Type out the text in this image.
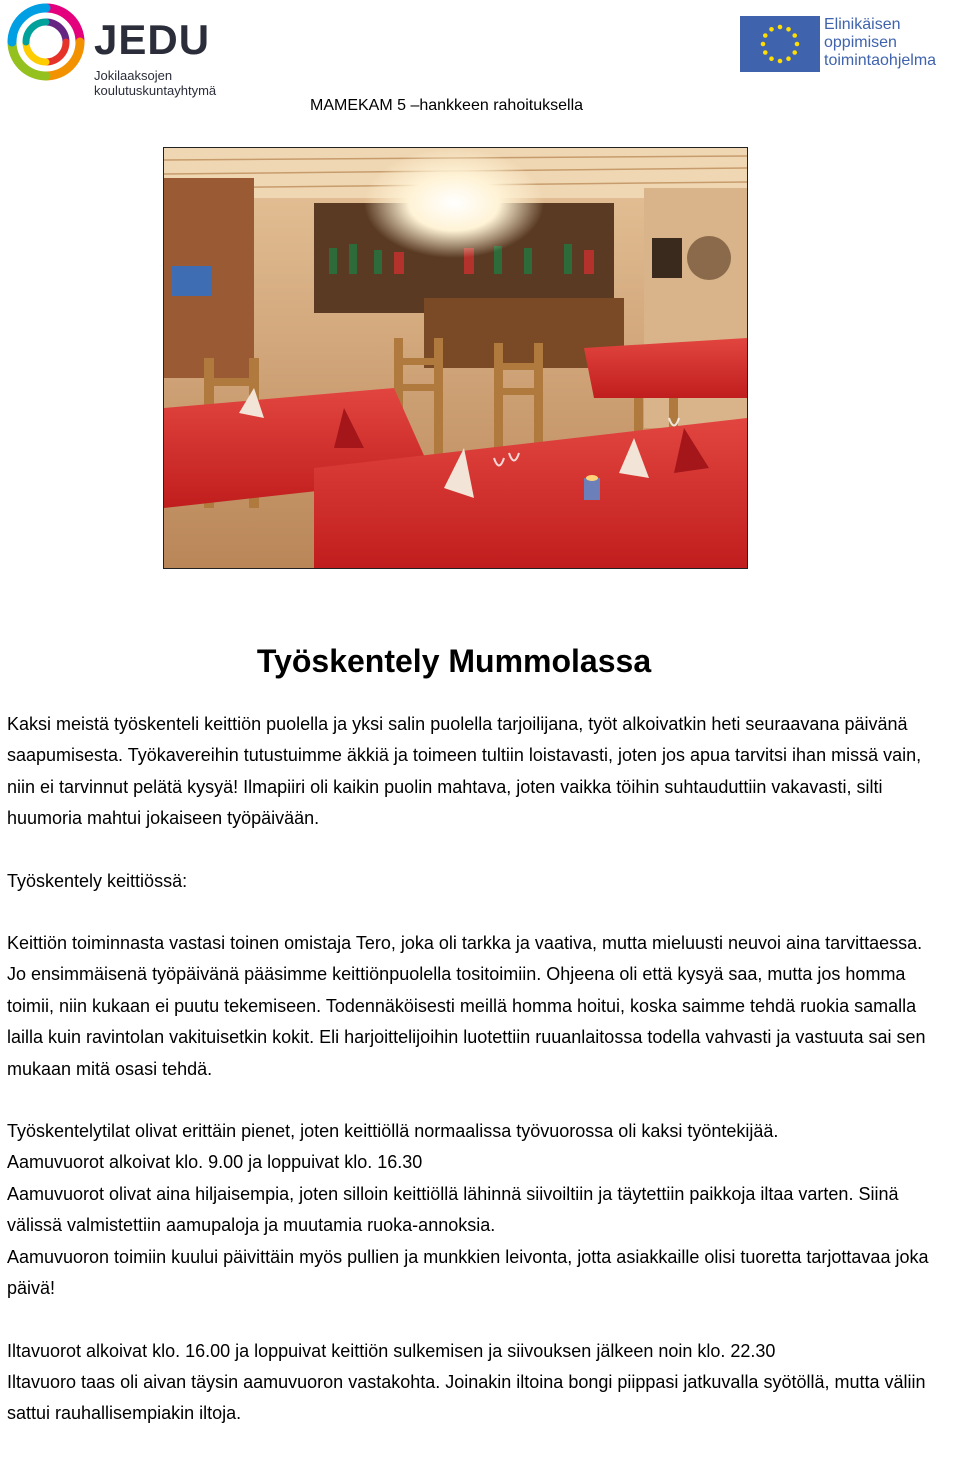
JEDU
Jokilaaksojen
koulutuskuntayhtymä
Elinikäisen
oppimisen
toimintaohjelma
MAMEKAM 5 –hankkeen rahoituksella
Työskentely Mummolassa

Kaksi meistä työskenteli keittiön puolella ja yksi salin puolella tarjoilijana, työt alkoivatkin heti seuraavana päivänä saapumisesta. Työkavereihin tutustuimme äkkiä ja toimeen tultiin loistavasti, joten jos apua tarvitsi ihan missä vain, niin ei tarvinnut pelätä kysyä! Ilmapiiri oli kaikin puolin mahtava, joten vaikka töihin suhtauduttiin vakavasti, silti huumoria mahtui jokaiseen työpäivään.

Työskentely keittiössä:

Keittiön toiminnasta vastasi toinen omistaja Tero, joka oli tarkka ja vaativa, mutta mieluusti neuvoi aina tarvittaessa.

Jo ensimmäisenä työpäivänä pääsimme keittiönpuolella tositoimiin. Ohjeena oli että kysyä saa, mutta jos homma toimii, niin kukaan ei puutu tekemiseen. Todennäköisesti meillä homma hoitui, koska saimme tehdä ruokia samalla lailla kuin ravintolan vakituisetkin kokit. Eli harjoittelijoihin luotettiin ruuanlaitossa todella vahvasti ja vastuuta sai sen mukaan mitä osasi tehdä.

Työskentelytilat olivat erittäin pienet, joten keittiöllä normaalissa työvuorossa oli kaksi työntekijää.

Aamuvuorot alkoivat klo. 9.00 ja loppuivat klo. 16.30

Aamuvuorot olivat aina hiljaisempia, joten silloin keittiöllä lähinnä siivoiltiin ja täytettiin paikkoja iltaa varten. Siinä välissä valmistettiin aamupaloja ja muutamia ruoka-annoksia.

Aamuvuoron toimiin kuului päivittäin myös pullien ja munkkien leivonta, jotta asiakkaille olisi tuoretta tarjottavaa joka päivä!

Iltavuorot alkoivat klo. 16.00 ja loppuivat keittiön sulkemisen ja siivouksen jälkeen noin klo. 22.30

Iltavuoro taas oli aivan täysin aamuvuoron vastakohta. Joinakin iltoina bongi piippasi jatkuvalla syötöllä, mutta väliin sattui rauhallisempiakin iltoja.
